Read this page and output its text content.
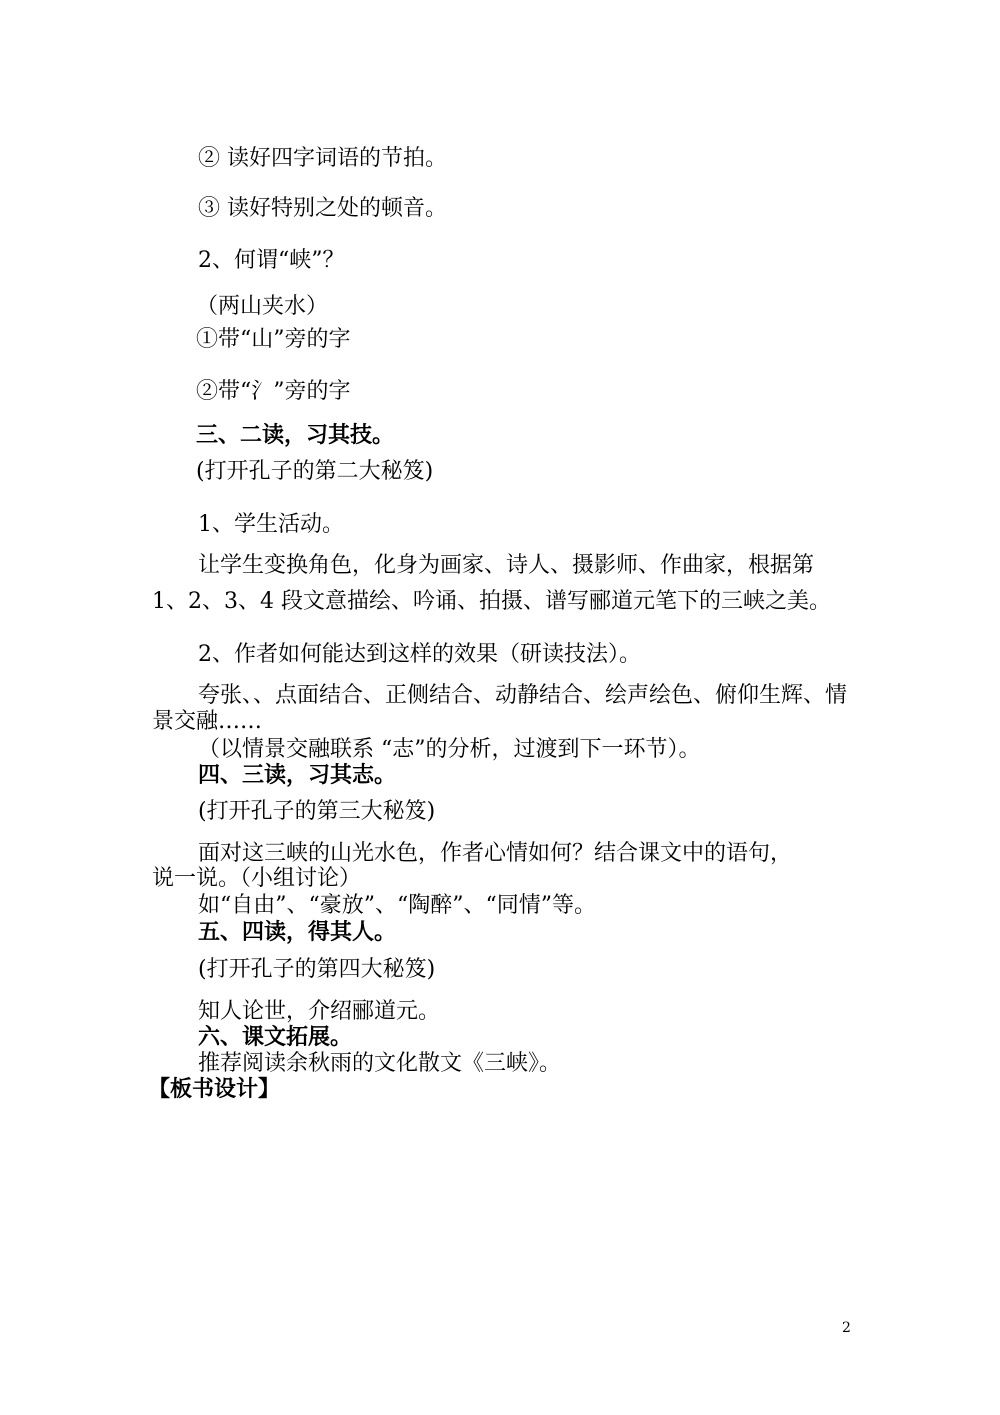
② 读好四字词语的节拍。
③ 读好特别之处的顿音。
2、何谓“峡”？
（两山夹水）
①带“山”旁的字
②带“氵”旁的字
三、二读，习其技。
(打开孔子的第二大秘笈)
1、学生活动。
让学生变换角色，化身为画家、诗人、摄影师、作曲家，根据第
1、2、3、4 段文意描绘、吟诵、拍摄、谱写郦道元笔下的三峡之美。
2、作者如何能达到这样的效果（研读技法）。
夸张、、点面结合、正侧结合、动静结合、绘声绘色、俯仰生辉、情
景交融……
（以情景交融联系 “志”的分析，过渡到下一环节）。
四、三读，习其志。
(打开孔子的第三大秘笈)
面对这三峡的山光水色，作者心情如何？结合课文中的语句，
说一说。（小组讨论）
如“自由”、“豪放”、“陶醉”、“同情”等。
五、四读，得其人。
(打开孔子的第四大秘笈)
知人论世，介绍郦道元。
六、课文拓展。
推荐阅读余秋雨的文化散文《三峡》。
【板书设计】
2
